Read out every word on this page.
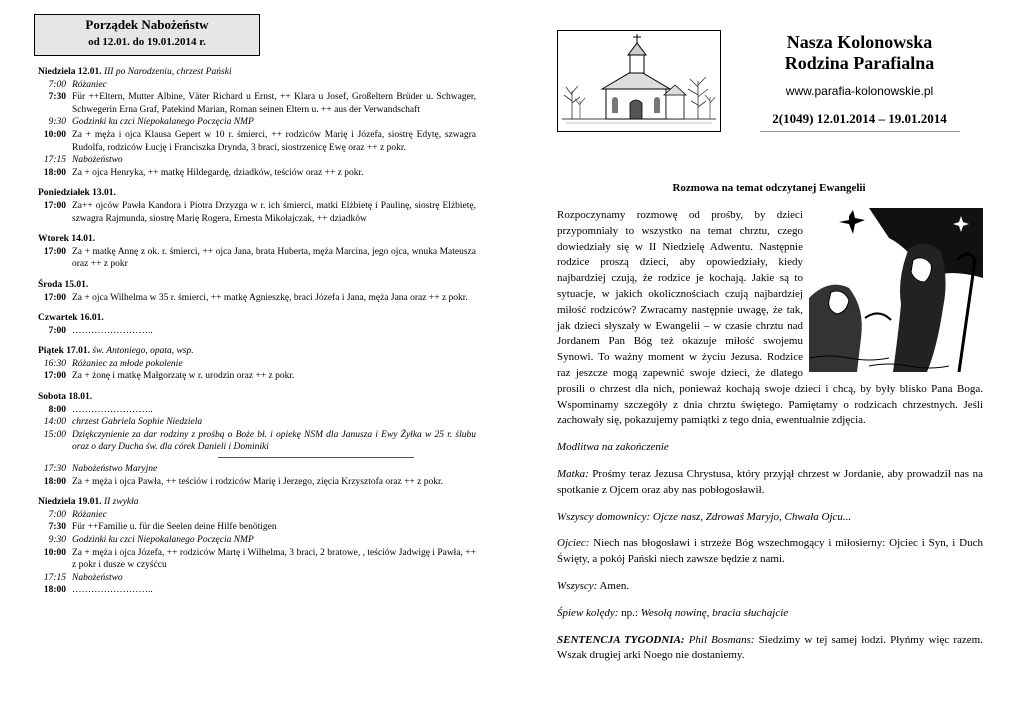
Porządek Nabożeństw
od 12.01. do 19.01.2014 r.
Niedziela 12.01. III po Narodzeniu, chrzest Pański
7:00 Różaniec
7:30 Für ++Eltern, Mutter Albine, Väter Richard u Ernst, ++ Klara u Josef, Großeltern Brüder u. Schwager, Schwegerin Erna Graf, Patekind Marian, Roman seinen Eltern u. ++ aus der Verwandschaft
9:30 Godzinki ku czci Niepokalanego Poczęcia NMP
10:00 Za + męża i ojca Klausa Gepert w 10 r. śmierci, ++ rodziców Marię i Józefa, siostrę Edytę, szwagra Rudolfa, rodziców Łucję i Franciszka Drynda, 3 braci, siostrzenicę Ewę oraz ++ z pokr.
17:15 Nabożeństwo
18:00 Za + ojca Henryka, ++ matkę Hildegardę, dziadków, teściów oraz ++ z pokr.
Poniedziałek 13.01.
17:00 Za++ ojców Pawła Kandora i Piotra Drzyzga w r. ich śmierci, matki Elżbietę i Paulinę, siostrę Elżbietę, szwagra Rajmunda, siostrę Marię Rogera, Ernesta Mikołajczak, ++ dziadków
Wtorek 14.01.
17:00 Za + matkę Annę z ok. r. śmierci, ++ ojca Jana, brata Huberta, męża Marcina, jego ojca, wnuka Mateusza oraz ++ z pokr
Środa 15.01.
17:00 Za + ojca Wilhelma w 35 r. śmierci, ++ matkę Agnieszkę, braci Józefa i Jana, męża Jana oraz ++ z pokr.
Czwartek 16.01.
7:00 ……………………..
Piątek 17.01. św. Antoniego, opata, wsp.
16:30 Różaniec za młode pokolenie
17:00 Za + żonę i matkę Małgorzatę w r. urodzin oraz ++ z pokr.
Sobota 18.01.
8:00 ……………………..
14:00 chrzest Gabriela Sophie Niedziela
15:00 Dziękczynienie za dar rodziny z prośbą o Boże bł. i opiekę NSM dla Janusza i Ewy Żyłka w 25 r. ślubu oraz o dary Ducha św. dla córek Danieli i Dominiki
17:30 Nabożeństwo Maryjne
18:00 Za + męża i ojca Pawła, ++ teściów i rodziców Marię i Jerzego, zięcia Krzysztofa oraz ++ z pokr.
Niedziela 19.01. II zwykła
7:00 Różaniec
7:30 Für ++Familie u. für die Seelen deine Hilfe benötigen
9:30 Godzinki ku czci Niepokalanego Poczęcia NMP
10:00 Za + męża i ojca Józefa, ++ rodziców Martę i Wilhelma, 3 braci, 2 bratowe, , teściów Jadwigę i Pawła, ++ z pokr i dusze w czyśćcu
17:15 Nabożeństwo
18:00 ……………………..
Nasza Kolonowska
Rodzina Parafialna
www.parafia-kolonowskie.pl
2(1049) 12.01.2014 – 19.01.2014
Rozmowa na temat odczytanej Ewangelii

Rozpoczynamy rozmowę od prośby, by dzieci przypomniały to wszystko na temat chrztu, czego dowiedziały się w II Niedzielę Adwentu. Następnie rodzice proszą dzieci, aby opowiedziały, kiedy najbardziej czują, że rodzice je kochają. Jakie są to sytuacje, w jakich okolicznościach czują najbardziej miłość rodziców? Zwracamy następnie uwagę, że tak, jak dzieci słyszały w Ewangelii – w czasie chrztu nad Jordanem Pan Bóg też okazuje miłość swojemu Synowi. To ważny moment w życiu Jezusa. Rodzice raz jeszcze mogą zapewnić swoje dzieci, że dlatego prosili o chrzest dla nich, ponieważ kochają swoje dzieci i chcą, by były blisko Pana Boga. Wspominamy szczegóły z dnia chrztu świętego. Pamiętamy o rodzicach chrzestnych. Jeśli zachowały się, pokazujemy pamiątki z tego dnia, ewentualnie zdjęcia.

Modlitwa na zakończenie

Matka: Prośmy teraz Jezusa Chrystusa, który przyjął chrzest w Jordanie, aby prowadził nas na spotkanie z Ojcem oraz aby nas pobłogosławił.

Wszyscy domownicy: Ojcze nasz, Zdrowaś Maryjo, Chwała Ojcu...

Ojciec: Niech nas błogosławi i strzeże Bóg wszechmogący i miłosierny: Ojciec i Syn, i Duch Święty, a pokój Pański niech zawsze będzie z nami.

Wszyscy: Amen.

Śpiew kolędy: np.: Wesołą nowinę, bracia słuchajcie

SENTENCJA TYGODNIA: Phil Bosmans: Siedzimy w tej samej łodzi. Płyńmy więc razem. Wszak drugiej arki Noego nie dostaniemy.
